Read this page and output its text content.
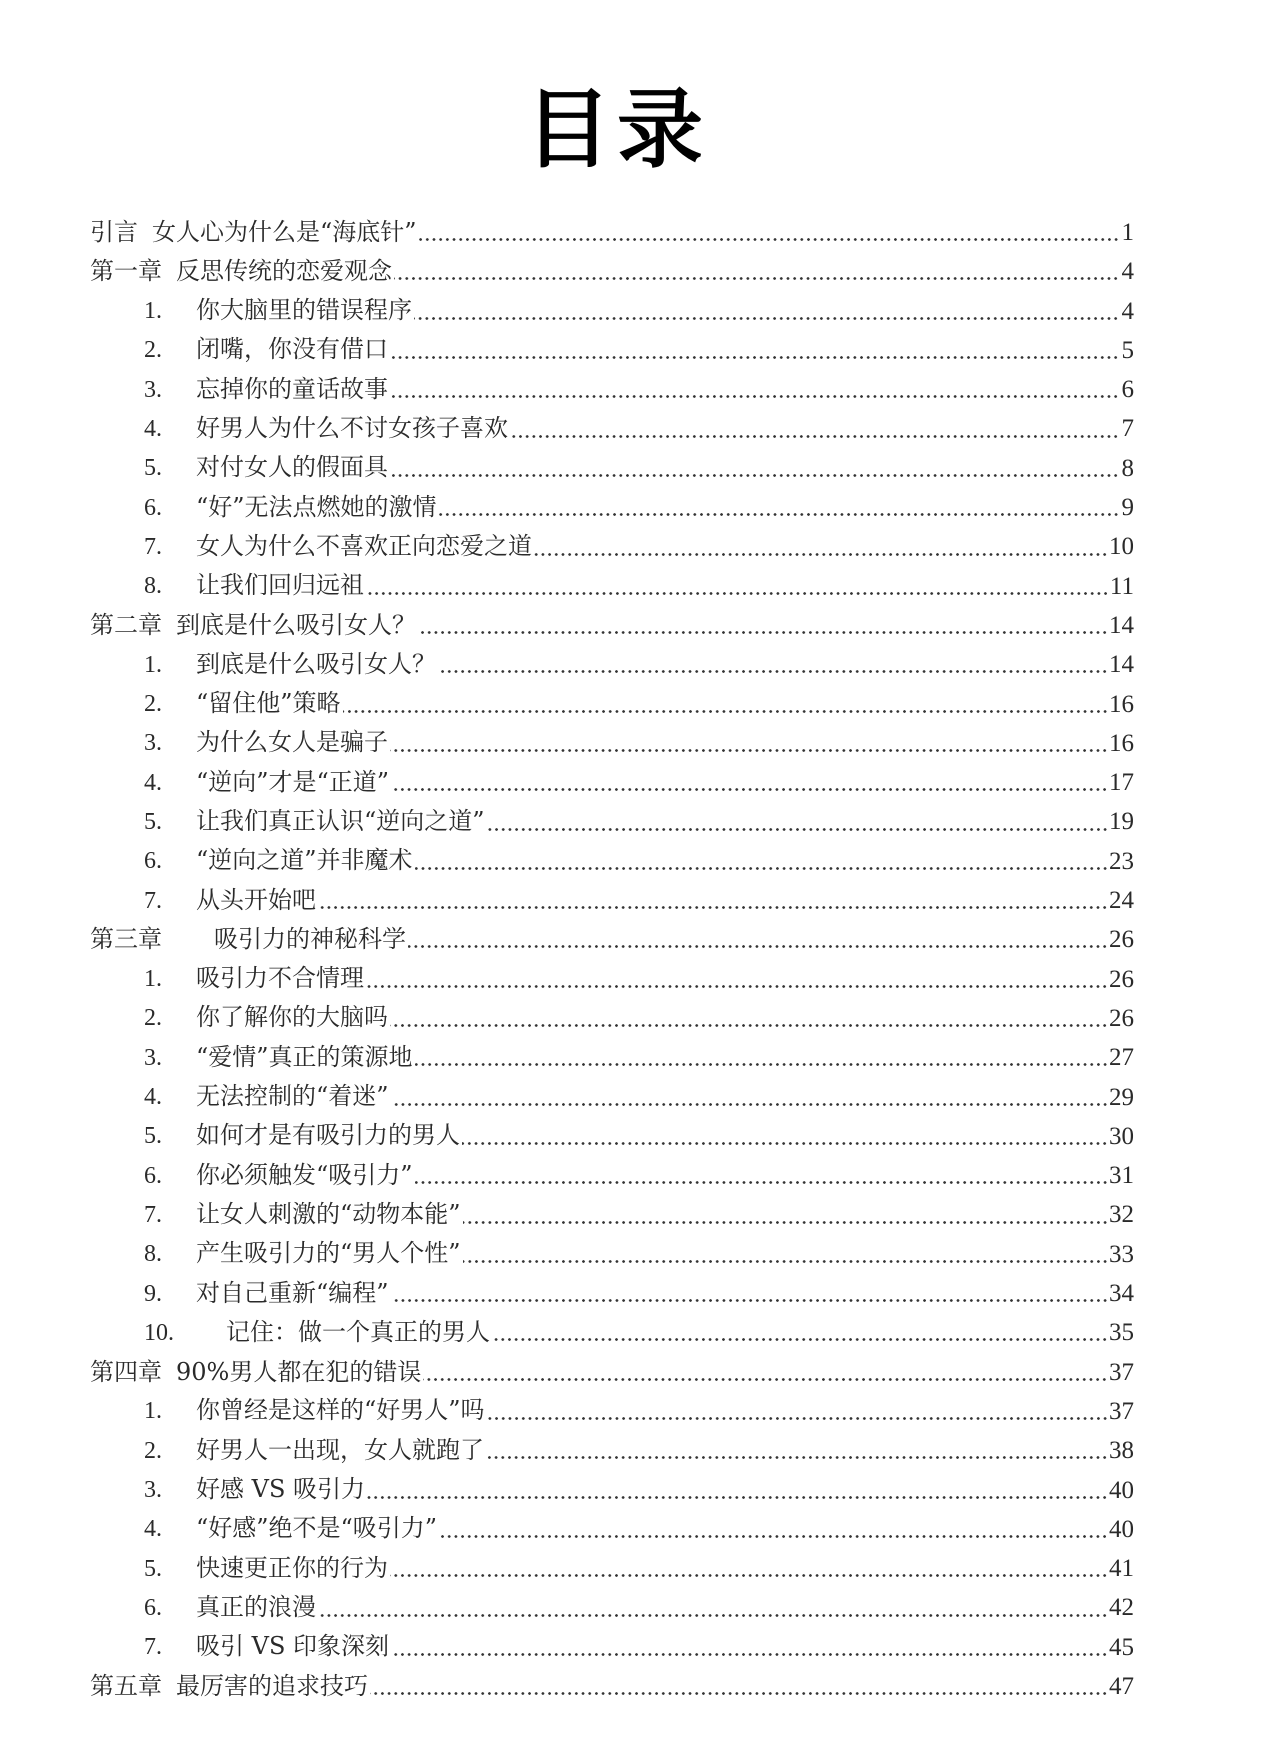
目录
引言 女人心为什么是“海底针”	1
第一章 反思传统的恋爱观念	4
1. 你大脑里的错误程序	4
2. 闭嘴，你没有借口	5
3. 忘掉你的童话故事	6
4. 好男人为什么不讨女孩子喜欢	7
5. 对付女人的假面具	8
6. “好”无法点燃她的激情	9
7. 女人为什么不喜欢正向恋爱之道	10
8. 让我们回归远祖	11
第二章 到底是什么吸引女人？	14
1. 到底是什么吸引女人？	14
2. “留住他”策略	16
3. 为什么女人是骗子	16
4. “逆向”才是“正道”	17
5. 让我们真正认识“逆向之道”	19
6. “逆向之道”并非魔术	23
7. 从头开始吧	24
第三章 吸引力的神秘科学	26
1. 吸引力不合情理	26
2. 你了解你的大脑吗	26
3. “爱情”真正的策源地	27
4. 无法控制的“着迷”	29
5. 如何才是有吸引力的男人	30
6. 你必须触发“吸引力”	31
7. 让女人刺激的“动物本能”	32
8. 产生吸引力的“男人个性”	33
9. 对自己重新“编程”	34
10. 记住：做一个真正的男人	35
第四章 90%男人都在犯的错误	37
1. 你曾经是这样的“好男人”吗	37
2. 好男人一出现，女人就跑了	38
3. 好感 VS 吸引力	40
4. “好感”绝不是“吸引力”	40
5. 快速更正你的行为	41
6. 真正的浪漫	42
7. 吸引 VS 印象深刻	45
第五章 最厉害的追求技巧	47
